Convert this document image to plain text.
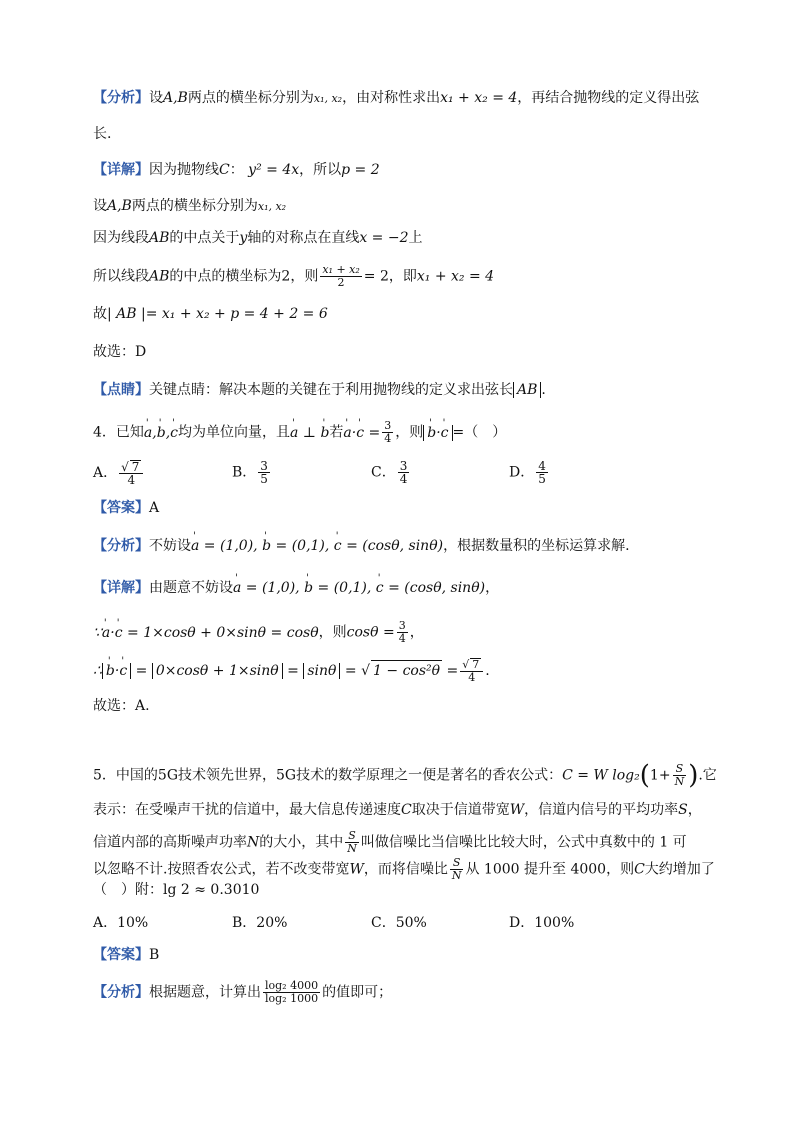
【分析】设A,B两点的横坐标分别为x₁, x₂，由对称性求出x₁ + x₂ = 4，再结合抛物线的定义得出弦
长.
【详解】因为抛物线C： y² = 4x，所以p = 2
设A,B两点的横坐标分别为x₁, x₂
因为线段AB的中点关于y轴的对称点在直线x = −2上
所以线段AB的中点的横坐标为2，则 $\frac{\text{x₁ + x₂}}{2} = 2$，即x₁ + x₂ = 4
故| AB |= x₁ + x₂ + p = 4 + 2 = 6
故选：D
【点睛】关键点睛：解决本题的关键在于利用抛物线的定义求出弦长 AB .
4．已知' a,' b,' c均为单位向量，且' a ⊥ ' b若' a·' $c = \frac{3}{4}$ ，则 ' b·' c =（　）
A． $\frac{√ 7}{4}$	B． $\frac{3}{5}$	C． $\frac{3}{4}$	D． $\frac{4}{5}$
【答案】A
【分析】不妨设' a = (1,0), ' b = (0,1), ' c = (cosθ, sinθ)，根据数量积的坐标运算求解.
【详解】由题意不妨设' a = (1,0), ' b = (0,1), ' c = (cosθ, sinθ)，
∵' a·' c = 1×cosθ + 0×sinθ = cosθ，则$\cos\theta = \frac{3}{4}$ ，
∴ ' b·' c = 0×cosθ + 1×sinθ = sinθ = √ $1 - \cos^2\theta = \frac{√ 7}{4}$ .
故选：A.
5．中国的5G技术领先世界，5G技术的数学原理之一便是著名的香农公式：C = W $\log_2(1+ \frac{S}{N}$ ).它
表示：在受噪声干扰的信道中，最大信息传递速度C取决于信道带宽W，信道内信号的平均功率S，
信道内部的高斯噪声功率N的大小，其中 $\frac{S}{N}$ 叫做信噪比当信噪比比较大时，公式中真数中的 1 可
以忽略不计.按照香农公式，若不改变带宽W，而将信噪比 $\frac{S}{N}$ 从 1000 提升至 4000，则C大约增加了
（　）附：lg 2 ≈ 0.3010
A．10%	B．20%	C．50%	D．100%
【答案】B
【分析】根据题意，计算出 $\frac{\text{log₂ 4000}}{\text{log₂ 1000}}$ 的值即可；
